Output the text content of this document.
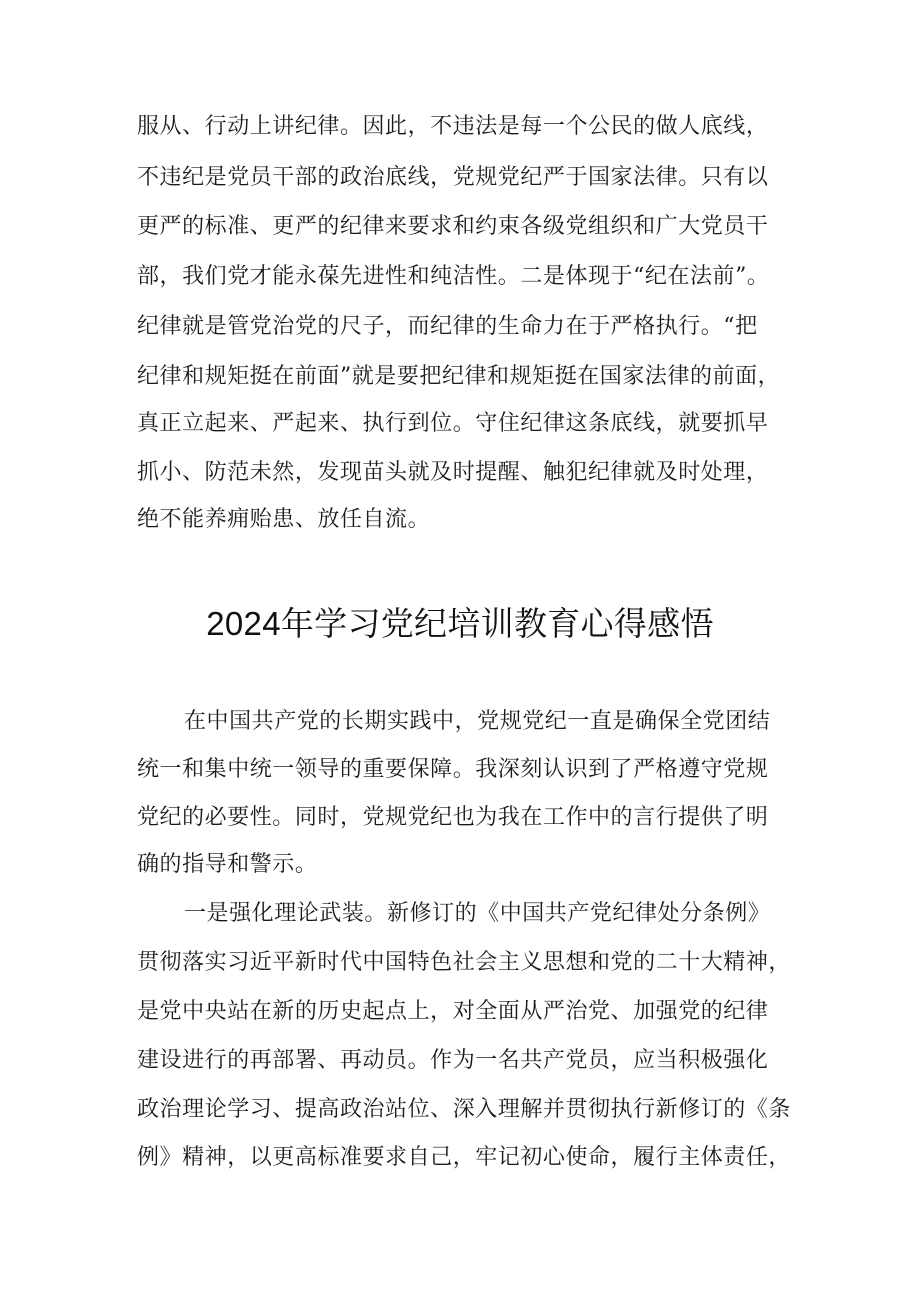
服从、行动上讲纪律。因此，不违法是每一个公民的做人底线，
不违纪是党员干部的政治底线，党规党纪严于国家法律。只有以
更严的标准、更严的纪律来要求和约束各级党组织和广大党员干
部，我们党才能永葆先进性和纯洁性。二是体现于“纪在法前”。
纪律就是管党治党的尺子，而纪律的生命力在于严格执行。“把
纪律和规矩挺在前面”就是要把纪律和规矩挺在国家法律的前面，
真正立起来、严起来、执行到位。守住纪律这条底线，就要抓早
抓小、防范未然，发现苗头就及时提醒、触犯纪律就及时处理，
绝不能养痈贻患、放任自流。
2024年学习党纪培训教育心得感悟
在中国共产党的长期实践中，党规党纪一直是确保全党团结
统一和集中统一领导的重要保障。我深刻认识到了严格遵守党规
党纪的必要性。同时，党规党纪也为我在工作中的言行提供了明
确的指导和警示。
一是强化理论武装。新修订的《中国共产党纪律处分条例》
贯彻落实习近平新时代中国特色社会主义思想和党的二十大精神，
是党中央站在新的历史起点上，对全面从严治党、加强党的纪律
建设进行的再部署、再动员。作为一名共产党员，应当积极强化
政治理论学习、提高政治站位、深入理解并贯彻执行新修订的《条
例》精神，以更高标准要求自己，牢记初心使命，履行主体责任，
